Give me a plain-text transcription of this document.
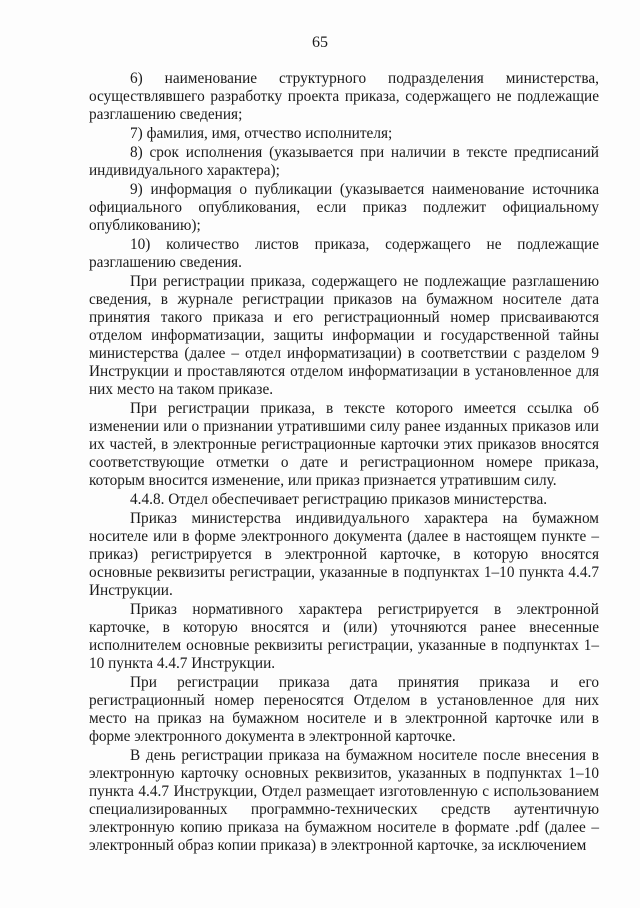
65

6) наименование структурного подразделения министерства, осуществлявшего разработку проекта приказа, содержащего не подлежащие разглашению сведения;

7) фамилия, имя, отчество исполнителя;

8) срок исполнения (указывается при наличии в тексте предписаний индивидуального характера);

9) информация о публикации (указывается наименование источника официального опубликования, если приказ подлежит официальному опубликованию);

10) количество листов приказа, содержащего не подлежащие разглашению сведения.

При регистрации приказа, содержащего не подлежащие разглашению сведения, в журнале регистрации приказов на бумажном носителе дата принятия такого приказа и его регистрационный номер присваиваются отделом информатизации, защиты информации и государственной тайны министерства (далее – отдел информатизации) в соответствии с разделом 9 Инструкции и проставляются отделом информатизации в установленное для них место на таком приказе.

При регистрации приказа, в тексте которого имеется ссылка об изменении или о признании утратившими силу ранее изданных приказов или их частей, в электронные регистрационные карточки этих приказов вносятся соответствующие отметки о дате и регистрационном номере приказа, которым вносится изменение, или приказ признается утратившим силу.

4.4.8. Отдел обеспечивает регистрацию приказов министерства.

Приказ министерства индивидуального характера на бумажном носителе или в форме электронного документа (далее в настоящем пункте – приказ) регистрируется в электронной карточке, в которую вносятся основные реквизиты регистрации, указанные в подпунктах 1–10 пункта 4.4.7 Инструкции.

Приказ нормативного характера регистрируется в электронной карточке, в которую вносятся и (или) уточняются ранее внесенные исполнителем основные реквизиты регистрации, указанные в подпунктах 1–10 пункта 4.4.7 Инструкции.

При регистрации приказа дата принятия приказа и его регистрационный номер переносятся Отделом в установленное для них место на приказ на бумажном носителе и в электронной карточке или в форме электронного документа в электронной карточке.

В день регистрации приказа на бумажном носителе после внесения в электронную карточку основных реквизитов, указанных в подпунктах 1–10 пункта 4.4.7 Инструкции, Отдел размещает изготовленную с использованием специализированных программно-технических средств аутентичную электронную копию приказа на бумажном носителе в формате .pdf (далее – электронный образ копии приказа) в электронной карточке, за исключением
